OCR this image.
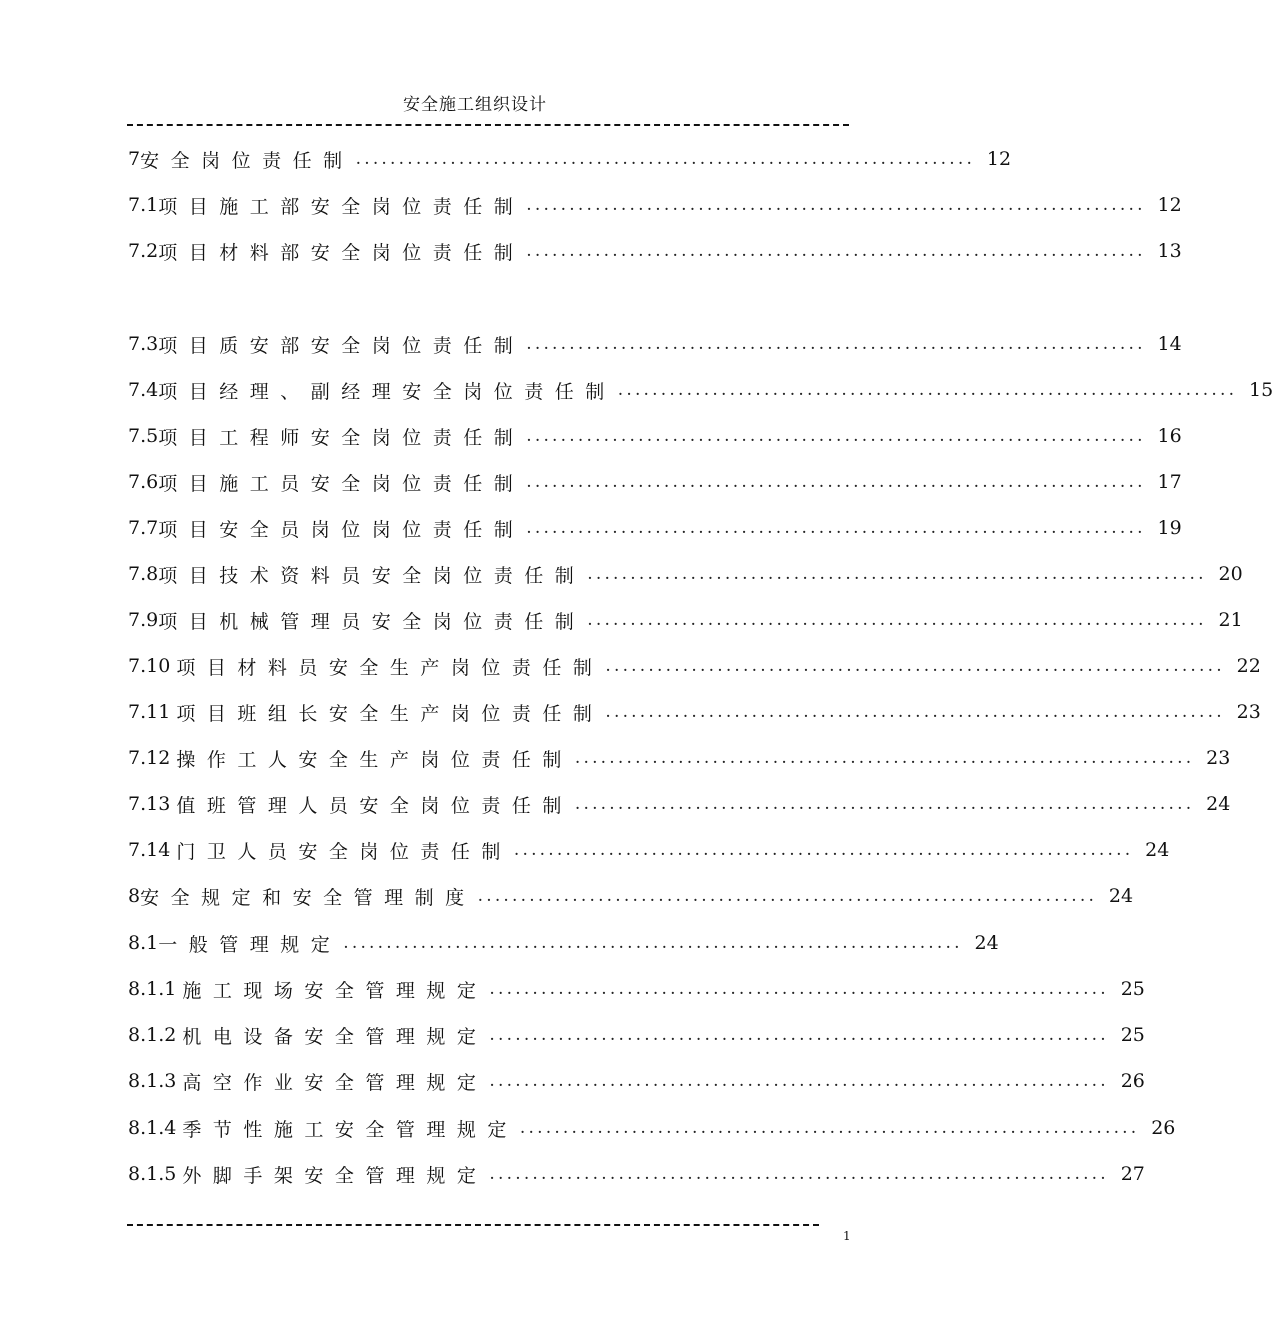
安全施工组织设计
7 安全岗位责任制 ........................................................................ 12
7.1 项目施工部安全岗位责任制 ........................................................................ 12
7.2 项目材料部安全岗位责任制 ........................................................................ 13
7.3 项目质安部安全岗位责任制 ........................................................................ 14
7.4 项目经理、副经理安全岗位责任制 ........................................................................ 15
7.5 项目工程师安全岗位责任制 ........................................................................ 16
7.6 项目施工员安全岗位责任制 ........................................................................ 17
7.7 项目安全员岗位岗位责任制 ........................................................................ 19
7.8 项目技术资料员安全岗位责任制 ........................................................................ 20
7.9 项目机械管理员安全岗位责任制 ........................................................................ 21
7.10 项目材料员安全生产岗位责任制 ........................................................................ 22
7.11 项目班组长安全生产岗位责任制 ........................................................................ 23
7.12 操作工人安全生产岗位责任制 ........................................................................ 23
7.13 值班管理人员安全岗位责任制 ........................................................................ 24
7.14 门卫人员安全岗位责任制 ........................................................................ 24
8 安全规定和安全管理制度 ........................................................................ 24
8.1 一般管理规定 ........................................................................ 24
8.1.1 施工现场安全管理规定 ........................................................................ 25
8.1.2 机电设备安全管理规定 ........................................................................ 25
8.1.3 高空作业安全管理规定 ........................................................................ 26
8.1.4 季节性施工安全管理规定 ........................................................................ 26
8.1.5 外脚手架安全管理规定 ........................................................................ 27
1
